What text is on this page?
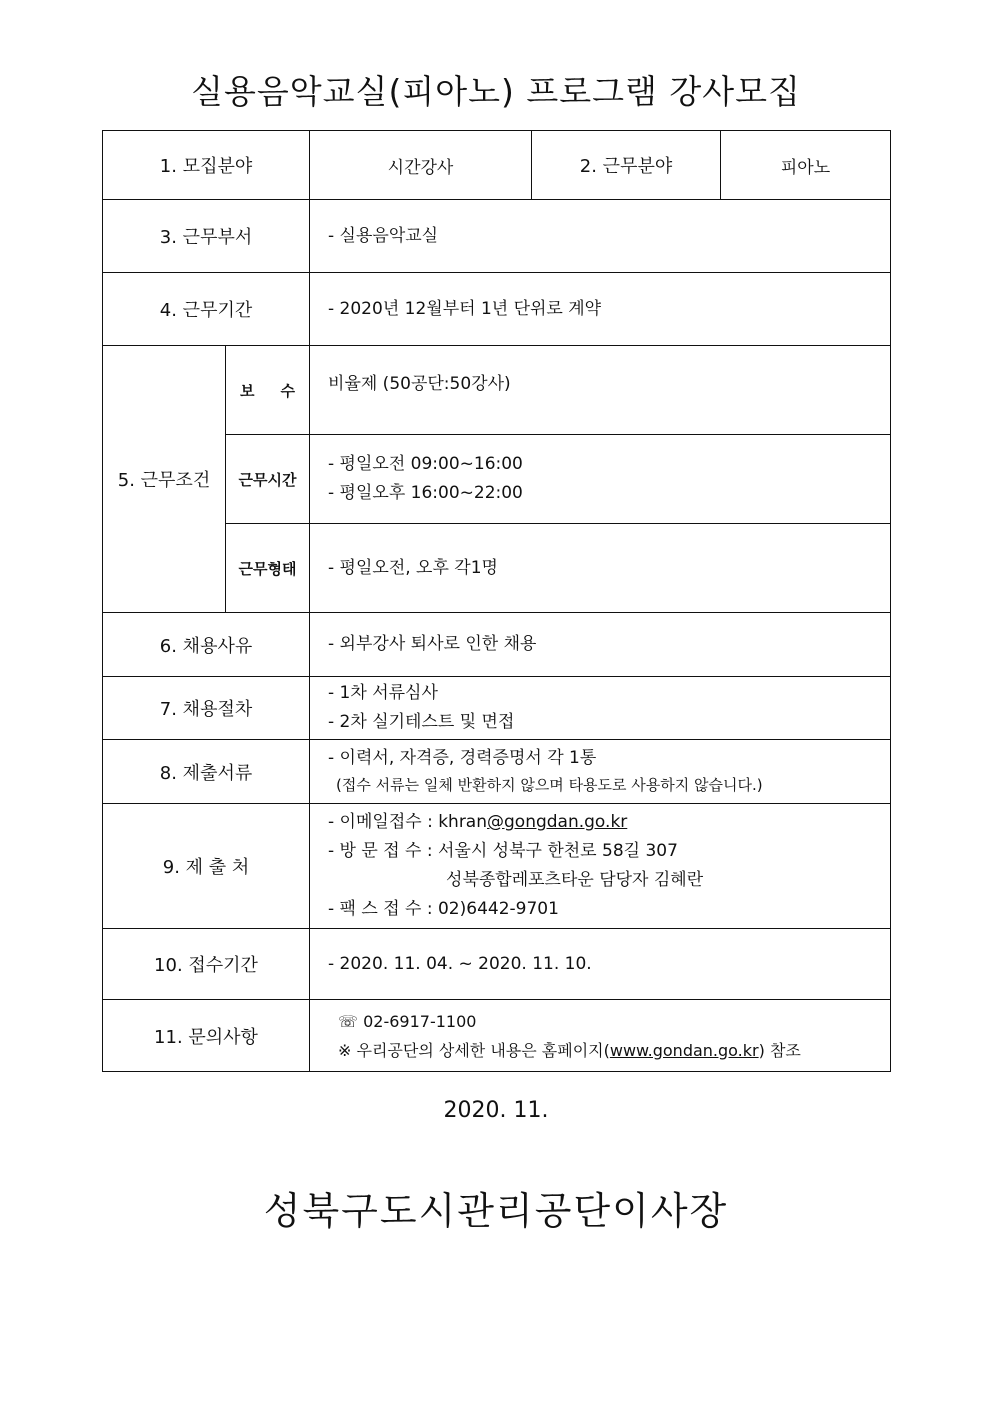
실용음악교실(피아노) 프로그램 강사모집
1. 모집분야		시간강사	2. 근무분야	피아노
3. 근무부서		- 실용음악교실		
4. 근무기간		- 2020년 12월부터 1년 단위로 계약		
5. 근무조건	보     수	비율제 (50공단:50강사)		
	근무시간	- 평일오전 09:00~16:00
- 평일오후 16:00~22:00		

	근무형태	- 평일오전, 오후 각1명		
6. 채용사유		- 외부강사 퇴사로 인한 채용		
7. 채용절차		- 1차 서류심사
- 2차 실기테스트 및 면접		

8. 제출서류		- 이력서, 자격증, 경력증명서 각 1통
(접수 서류는 일체 반환하지 않으며 타용도로 사용하지 않습니다.)		

9. 제 출 처		- 이메일접수 : khran@gongdan.go.kr
- 방 문 접 수 : 서울시 성북구 한천로 58길 307
성북종합레포츠타운 담당자 김혜란
- 팩 스 접 수 : 02)6442-9701		

10. 접수기간		- 2020. 11. 04. ~ 2020. 11. 10.		
11. 문의사항		☏ 02-6917-1100
※ 우리공단의 상세한 내용은 홈페이지(www.gondan.go.kr) 참조		
2020. 11.
성북구도시관리공단이사장
